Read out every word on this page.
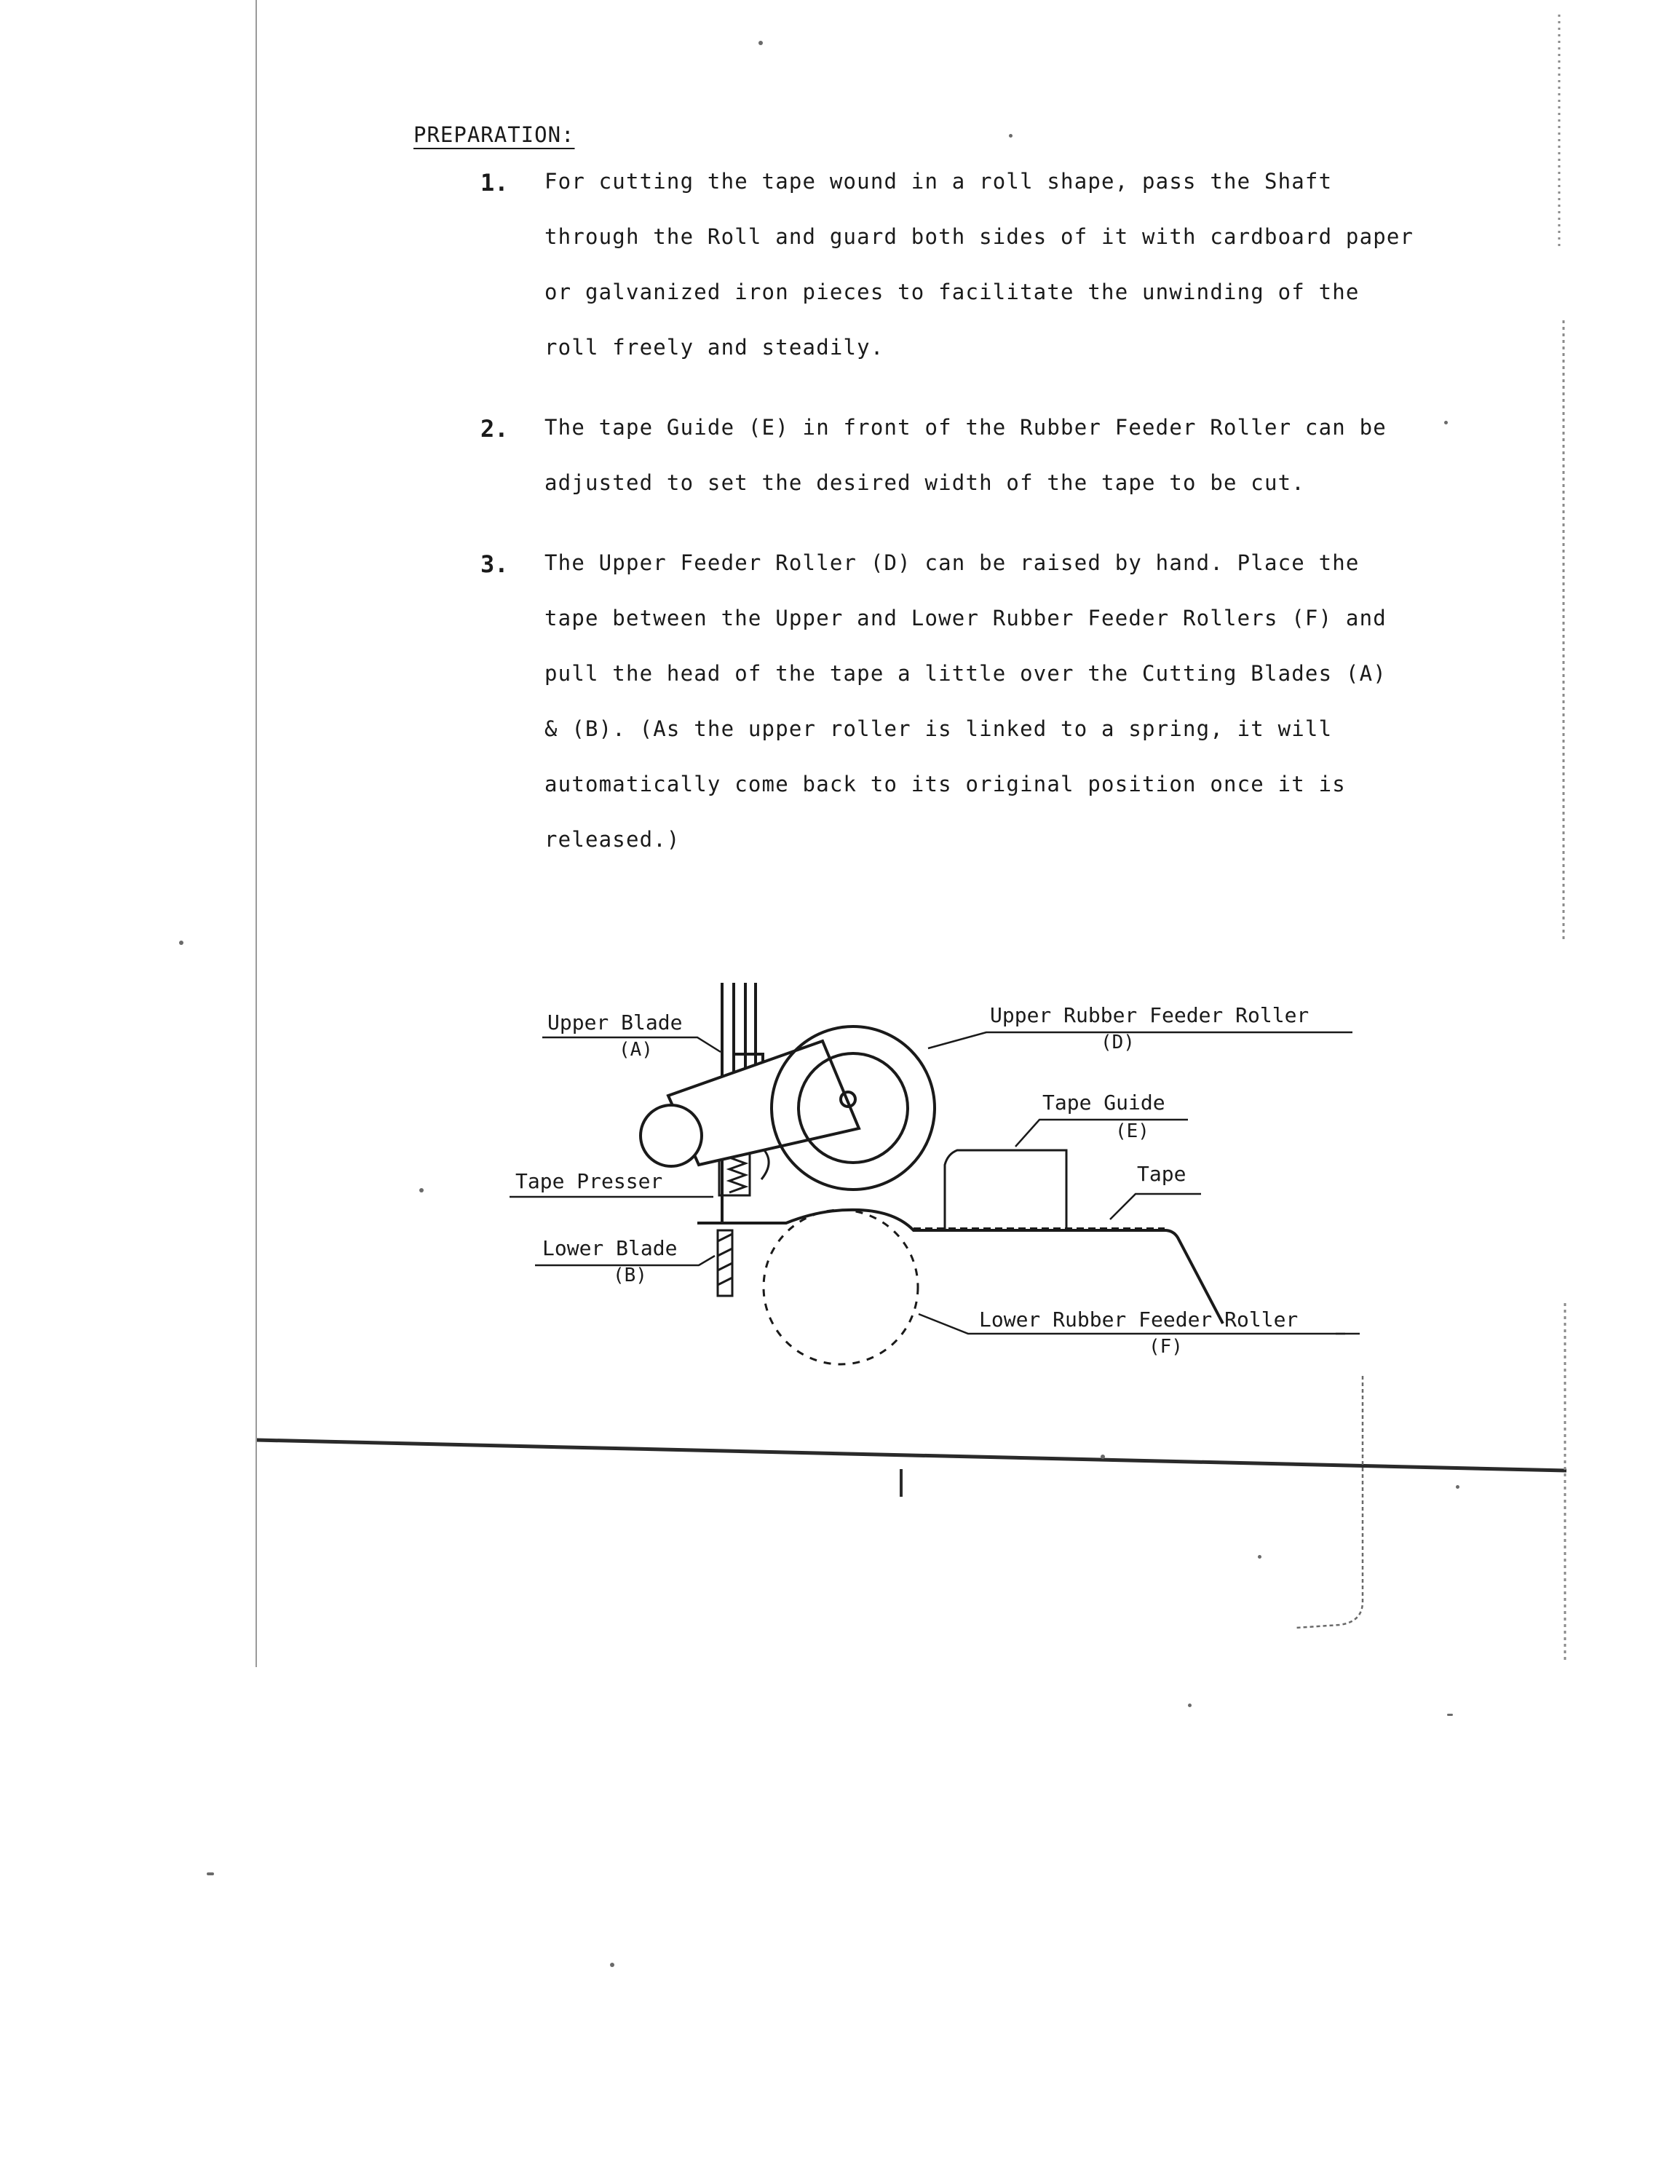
PREPARATION:
1. For cutting the tape wound in a roll shape, pass the Shaft
through the Roll and guard both sides of it with cardboard paper
or galvanized iron pieces to facilitate the unwinding of the
roll freely and steadily.
2. The tape Guide (E) in front of the Rubber Feeder Roller can be
adjusted to set the desired width of the tape to be cut.
3. The Upper Feeder Roller (D) can be raised by hand. Place the
tape between the Upper and Lower Rubber Feeder Rollers (F) and
pull the head of the tape a little over the Cutting Blades (A)
& (B). (As the upper roller is linked to a spring, it will
automatically come back to its original position once it is
released.)
Upper Blade
(A)
Upper Rubber Feeder Roller
(D)
Tape Guide
(E)
Tape
Tape Presser
Lower Blade
(B)
Lower Rubber Feeder Roller
(F)
